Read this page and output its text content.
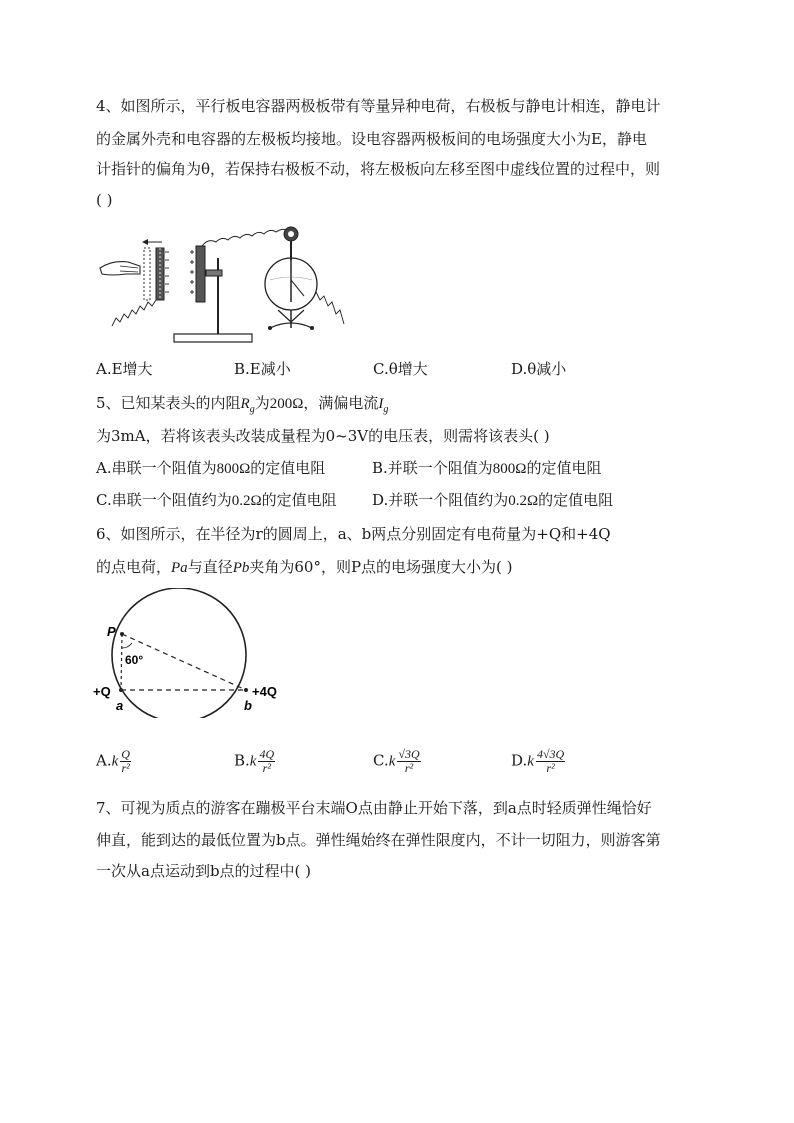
4、如图所示，平行板电容器两极板带有等量异种电荷，右极板与静电计相连，静电计
的金属外壳和电容器的左极板均接地。设电容器两极板间的电场强度大小为E，静电
计指针的偏角为θ，若保持右极板不动，将左极板向左移至图中虚线位置的过程中，则
( )
A.E增大	B.E减小	C.θ增大	D.θ减小
5、已知某表头的内阻$R_g$为200Ω，满偏电流$I_g$
为3mA，若将该表头改装成量程为0~3V的电压表，则需将该表头( )
A.串联一个阻值为800Ω的定值电阻	B.并联一个阻值为800Ω的定值电阻
C.串联一个阻值约为0.2Ω的定值电阻 D.并联一个阻值约为0.2Ω的定值电阻
6、如图所示，在半径为r的圆周上，a、b两点分别固定有电荷量为+Q和+4Q
的点电荷，Pa与直径Pb夹角为60°，则P点的电场强度大小为( )
P
60°
+Q
a	b
+4Q
$A.k \frac{Q}{\text{r²}}$	$B.k \frac{4Q}{\text{r²}}$	$C.k \frac{√3Q}{\text{r²}}$	$D.k \frac{4√3Q}{\text{r²}}$
7、可视为质点的游客在蹦极平台末端O点由静止开始下落，到a点时轻质弹性绳恰好
伸直，能到达的最低位置为b点。弹性绳始终在弹性限度内，不计一切阻力，则游客第
一次从a点运动到b点的过程中( )
